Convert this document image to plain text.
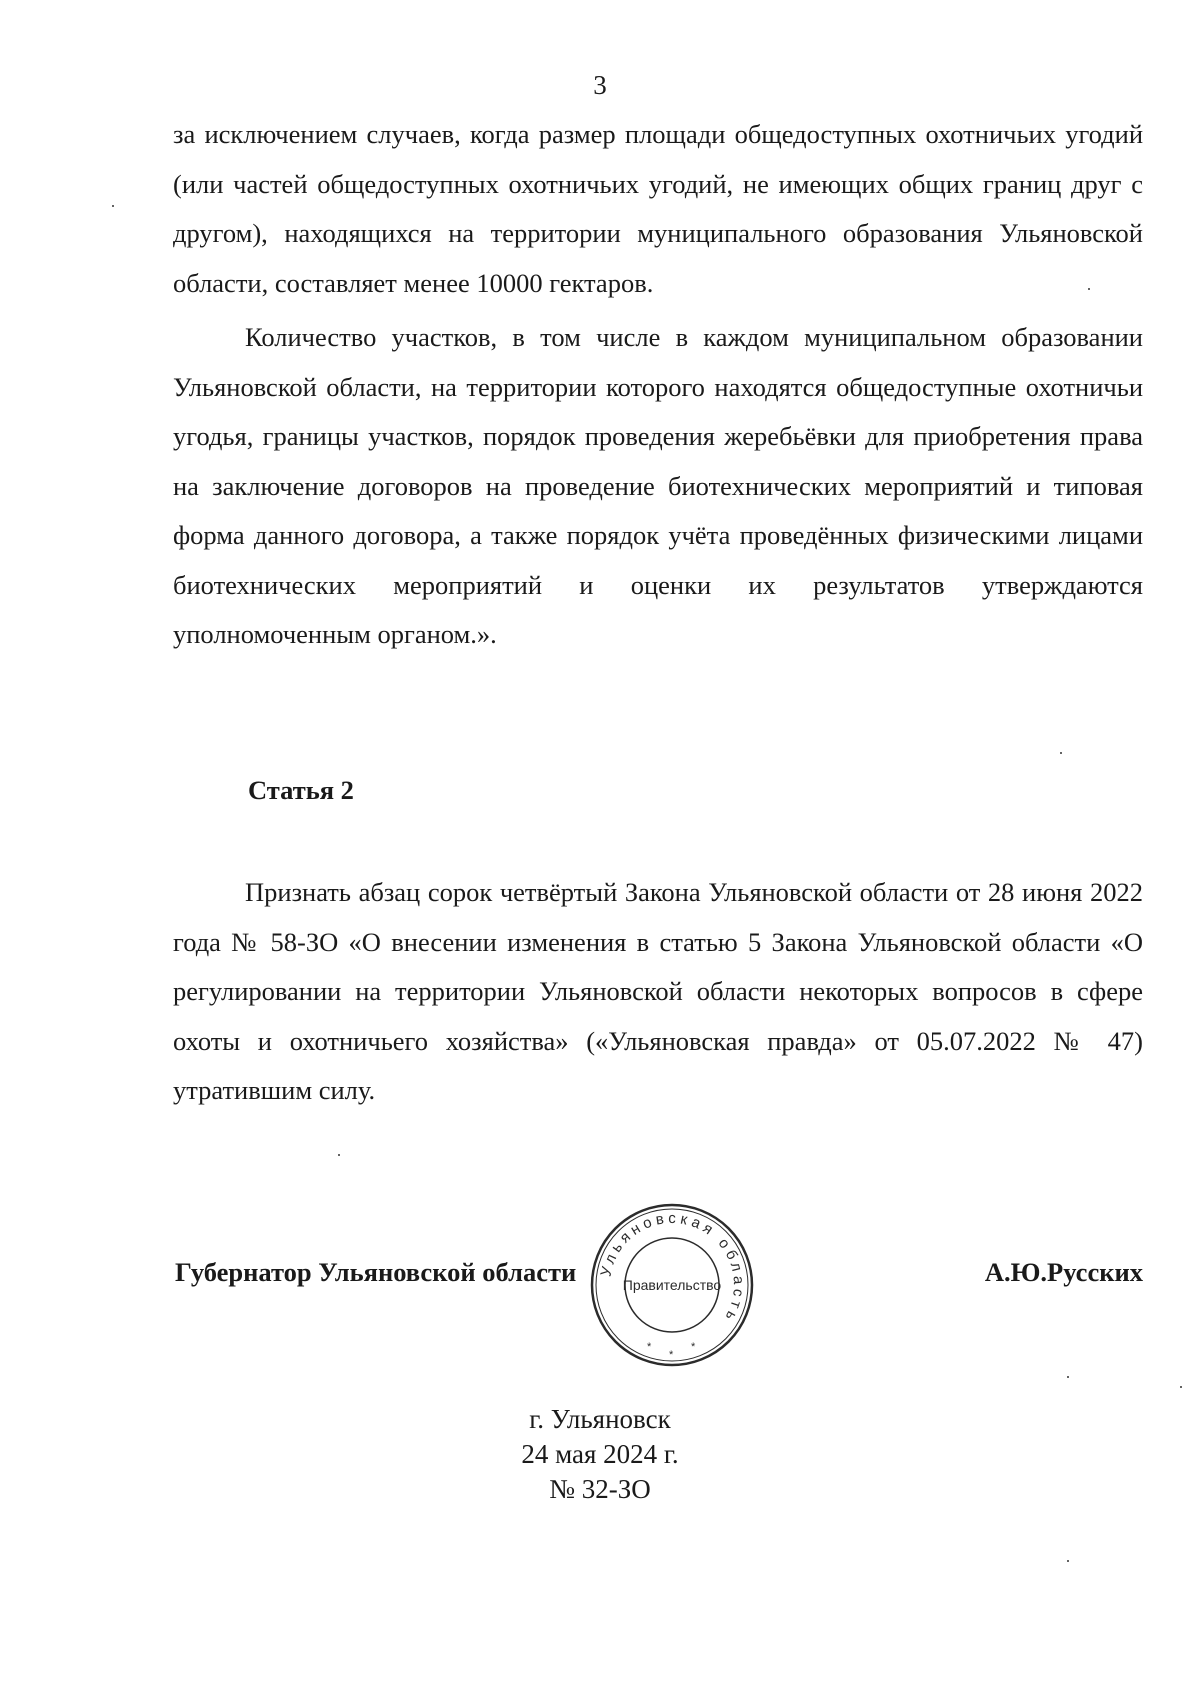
3
за исключением случаев, когда размер площади общедоступных охотничьих угодий (или частей общедоступных охотничьих угодий, не имеющих общих границ друг с другом), находящихся на территории муниципального образования Ульяновской области, составляет менее 10000 гектаров.
Количество участков, в том числе в каждом муниципальном образовании Ульяновской области, на территории которого находятся общедоступные охотничьи угодья, границы участков, порядок проведения жеребьёвки для приобретения права на заключение договоров на проведение биотехнических мероприятий и типовая форма данного договора, а также порядок учёта проведённых физическими лицами биотехнических мероприятий и оценки их результатов утверждаются уполномоченным органом.».
Статья 2
Признать абзац сорок четвёртый Закона Ульяновской области от 28 июня 2022 года № 58-ЗО «О внесении изменения в статью 5 Закона Ульяновской области «О регулировании на территории Ульяновской области некоторых вопросов в сфере охоты и охотничьего хозяйства» («Ульяновская правда» от 05.07.2022 № 47) утратившим силу.
Губернатор Ульяновской области Ульяновская область
Правительство
*
*
*
А.Ю.Русских
г. Ульяновск
24 мая 2024 г.
№ 32-ЗО
